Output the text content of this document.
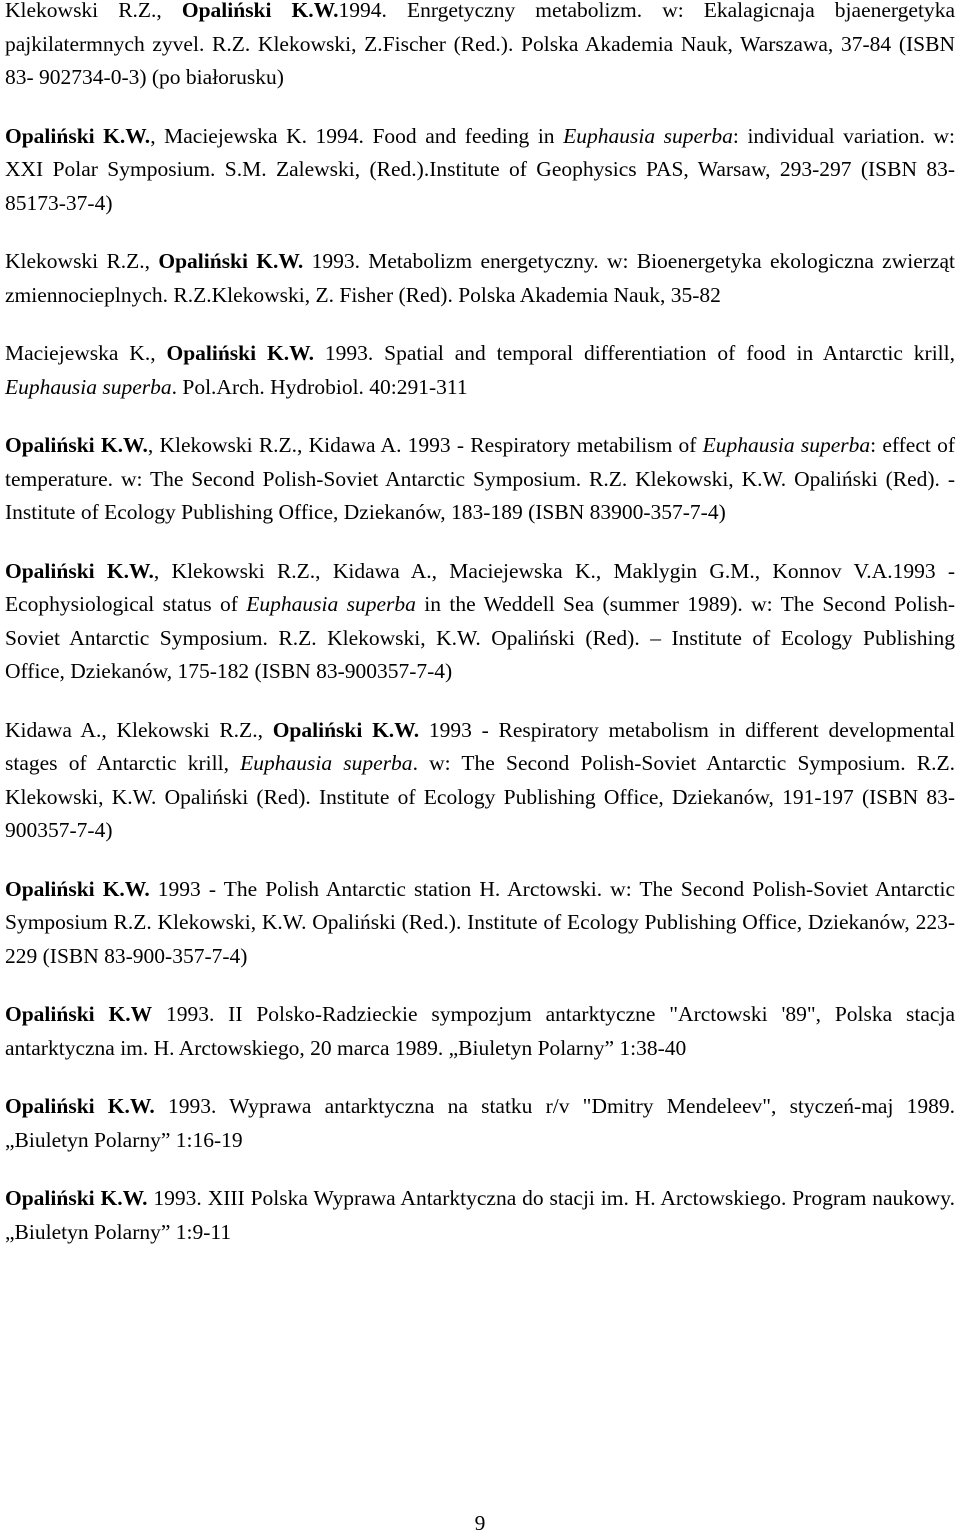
Klekowski R.Z., Opaliński K.W.1994. Enrgetyczny metabolizm. w: Ekalagicnaja bjaenergetyka pajkilatermnych zyvel. R.Z. Klekowski, Z.Fischer (Red.). Polska Akademia Nauk, Warszawa, 37-84 (ISBN 83- 902734-0-3) (po białorusku)

Opaliński K.W., Maciejewska K. 1994. Food and feeding in Euphausia superba: individual variation. w: XXI Polar Symposium. S.M. Zalewski, (Red.).Institute of Geophysics PAS, Warsaw, 293-297 (ISBN 83-85173-37-4)

Klekowski R.Z., Opaliński K.W. 1993. Metabolizm energetyczny. w: Bioenergetyka ekologiczna zwierząt zmiennocieplnych. R.Z.Klekowski, Z. Fisher (Red). Polska Akademia Nauk, 35-82

Maciejewska K., Opaliński K.W. 1993. Spatial and temporal differentiation of food in Antarctic krill, Euphausia superba. Pol.Arch. Hydrobiol. 40:291-311

Opaliński K.W., Klekowski R.Z., Kidawa A. 1993 - Respiratory metabilism of Euphausia superba: effect of temperature. w: The Second Polish-Soviet Antarctic Symposium. R.Z. Klekowski, K.W. Opaliński (Red). - Institute of Ecology Publishing Office, Dziekanów, 183-189 (ISBN 83900-357-7-4)

Opaliński K.W., Klekowski R.Z., Kidawa A., Maciejewska K., Maklygin G.M., Konnov V.A.1993 - Ecophysiological status of Euphausia superba in the Weddell Sea (summer 1989). w: The Second Polish-Soviet Antarctic Symposium. R.Z. Klekowski, K.W. Opaliński (Red). – Institute of Ecology Publishing Office, Dziekanów, 175-182 (ISBN 83-900357-7-4)

Kidawa A., Klekowski R.Z., Opaliński K.W. 1993 - Respiratory metabolism in different developmental stages of Antarctic krill, Euphausia superba. w: The Second Polish-Soviet Antarctic Symposium. R.Z. Klekowski, K.W. Opaliński (Red). Institute of Ecology Publishing Office, Dziekanów, 191-197 (ISBN 83-900357-7-4)

Opaliński K.W. 1993 - The Polish Antarctic station H. Arctowski. w: The Second Polish-Soviet Antarctic Symposium R.Z. Klekowski, K.W. Opaliński (Red.). Institute of Ecology Publishing Office, Dziekanów, 223-229 (ISBN 83-900-357-7-4)

Opaliński K.W 1993. II Polsko-Radzieckie sympozjum antarktyczne "Arctowski '89", Polska stacja antarktyczna im. H. Arctowskiego, 20 marca 1989. „Biuletyn Polarny” 1:38-40

Opaliński K.W. 1993. Wyprawa antarktyczna na statku r/v "Dmitry Mendeleev", styczeń-maj 1989. „Biuletyn Polarny” 1:16-19

Opaliński K.W. 1993. XIII Polska Wyprawa Antarktyczna do stacji im. H. Arctowskiego. Program naukowy. „Biuletyn Polarny” 1:9-11

9
